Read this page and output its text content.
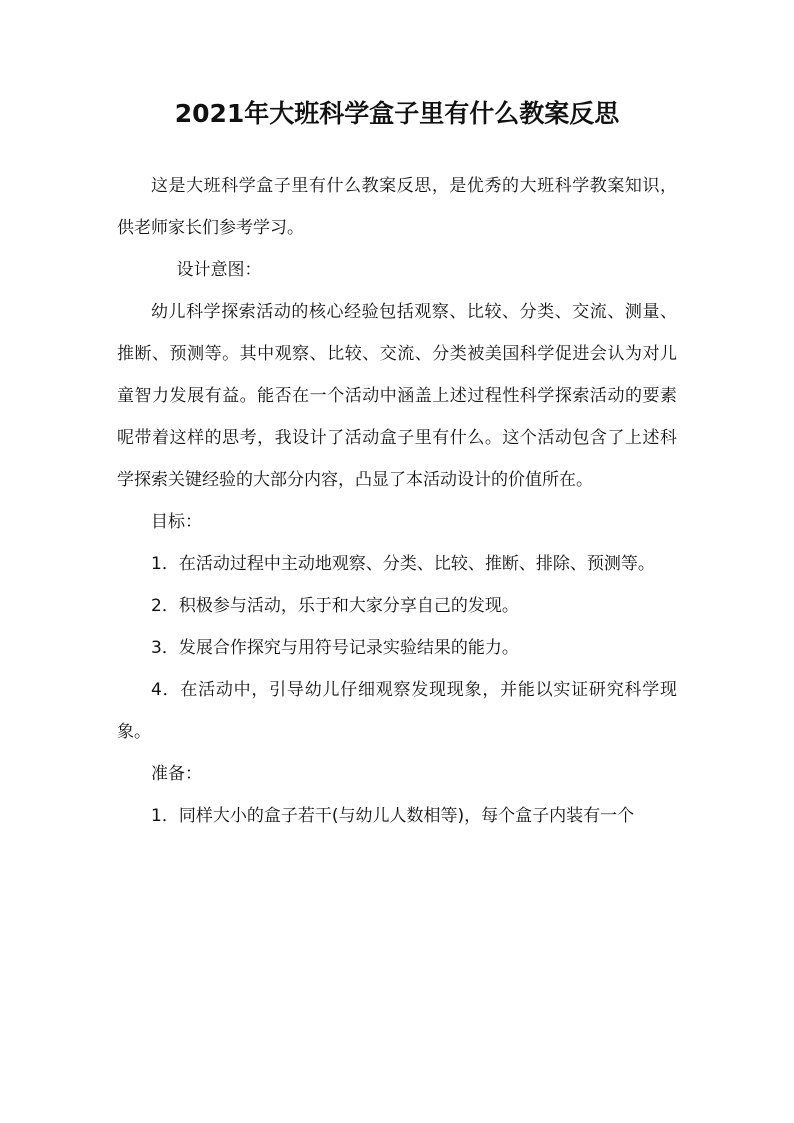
2021年大班科学盒子里有什么教案反思

这是大班科学盒子里有什么教案反思，是优秀的大班科学教案知识，供老师家长们参考学习。

设计意图：

幼儿科学探索活动的核心经验包括观察、比较、分类、交流、测量、推断、预测等。其中观察、比较、交流、分类被美国科学促进会认为对儿童智力发展有益。能否在一个活动中涵盖上述过程性科学探索活动的要素呢带着这样的思考，我设计了活动盒子里有什么。这个活动包含了上述科学探索关键经验的大部分内容，凸显了本活动设计的价值所在。

目标：

1．在活动过程中主动地观察、分类、比较、推断、排除、预测等。

2．积极参与活动，乐于和大家分享自己的发现。

3．发展合作探究与用符号记录实验结果的能力。

4．在活动中，引导幼儿仔细观察发现现象，并能以实证研究科学现象。

准备：

1．同样大小的盒子若干(与幼儿人数相等)，每个盒子内装有一个
